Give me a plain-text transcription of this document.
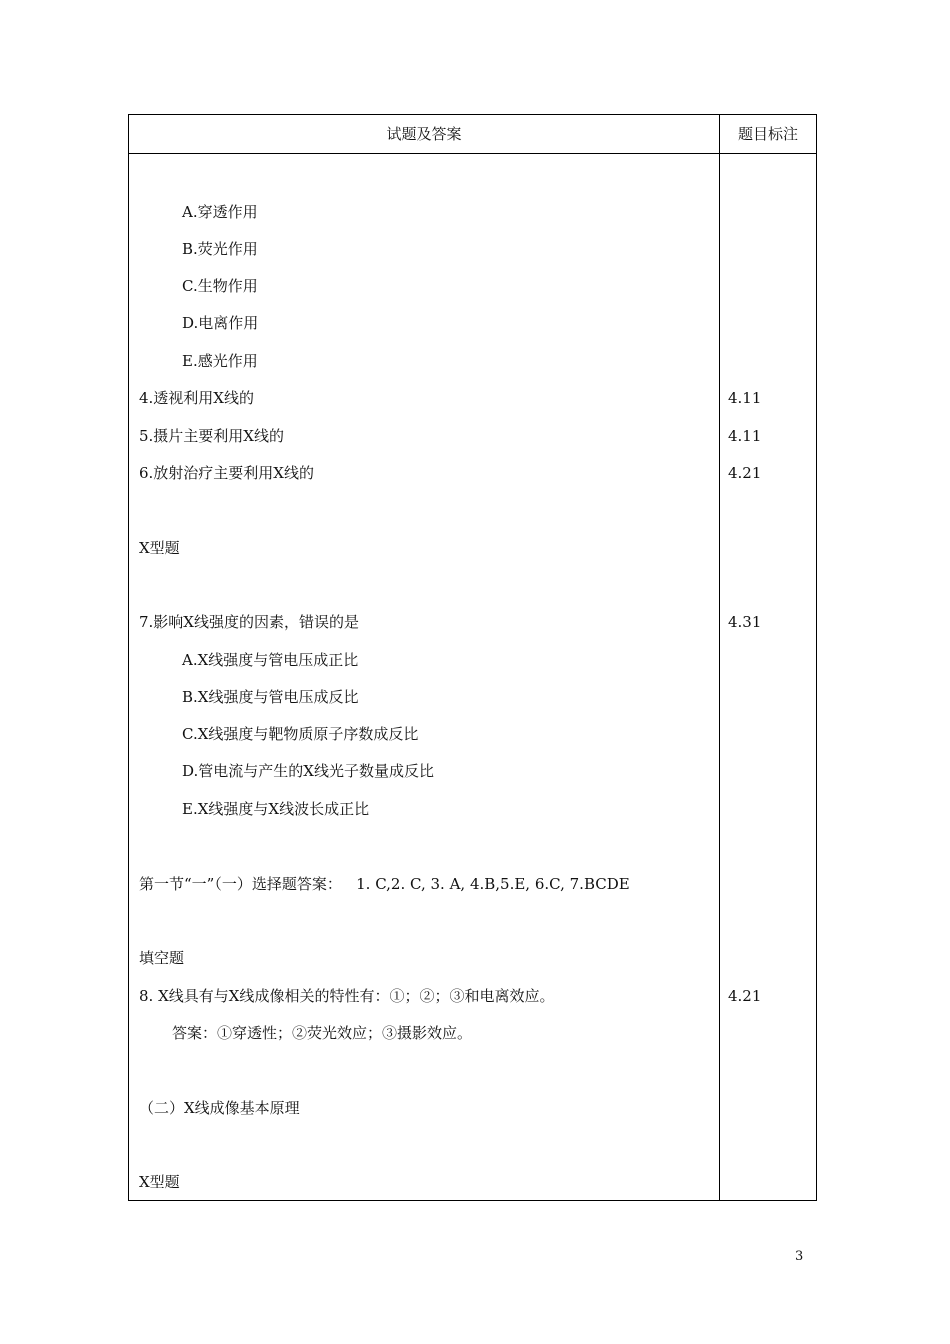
试题及答案	题目标注
A.穿透作用
B.荧光作用
C.生物作用
D.电离作用
E.感光作用
4.透视利用X线的	4.11
5.摄片主要利用X线的	4.11
6.放射治疗主要利用X线的	4.21
X型题
7.影响X线强度的因素，错误的是	4.31
A.X线强度与管电压成正比
B.X线强度与管电压成反比
C.X线强度与靶物质原子序数成反比
D.管电流与产生的X线光子数量成反比
E.X线强度与X线波长成正比
第一节“一”（一）选择题答案：   1. C,2. C, 3. A, 4.B,5.E, 6.C, 7.BCDE
填空题
8. X线具有与X线成像相关的特性有：①；②；③和电离效应。	4.21
答案：①穿透性；②荧光效应；③摄影效应。
（二）X线成像基本原理
X型题
3
